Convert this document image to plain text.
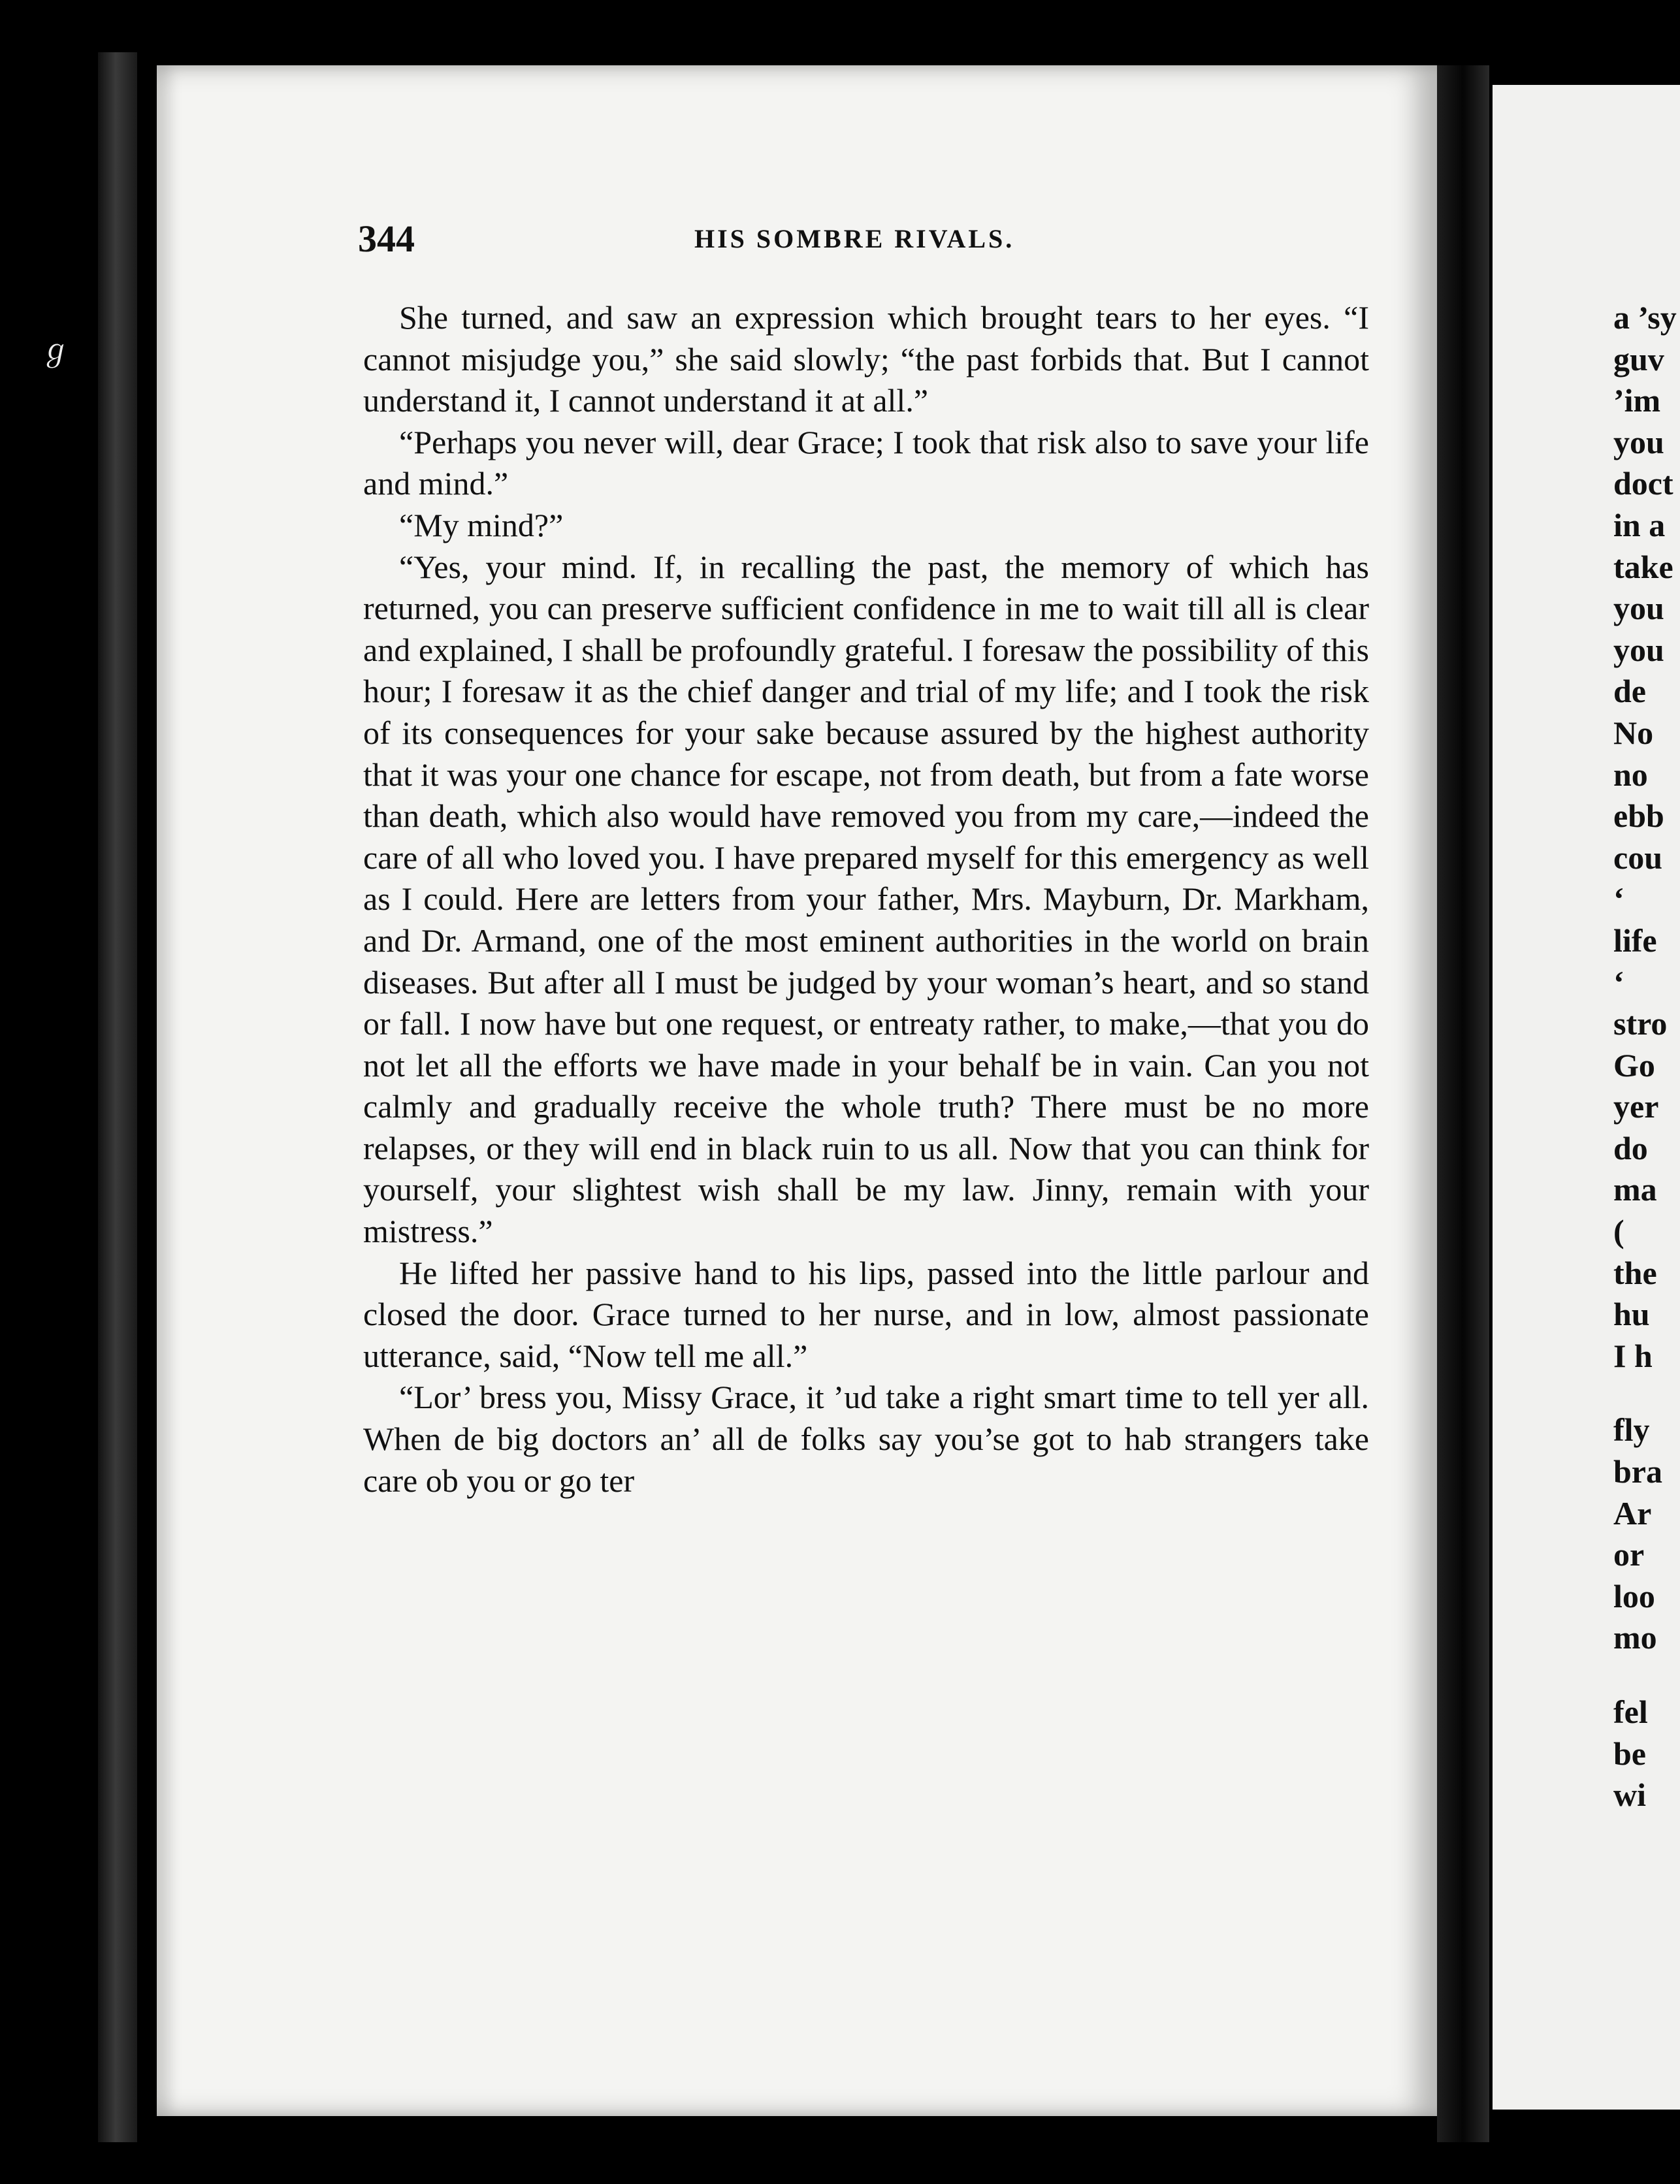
ℊ
344	HIS SOMBRE RIVALS.

She turned, and saw an expression which brought tears to her eyes. “I cannot misjudge you,” she said slowly; “the past forbids that. But I cannot understand it, I cannot understand it at all.”

“Perhaps you never will, dear Grace; I took that risk also to save your life and mind.”

“My mind?”

“Yes, your mind. If, in recalling the past, the memory of which has returned, you can preserve sufficient confidence in me to wait till all is clear and explained, I shall be profoundly grateful. I foresaw the possibility of this hour; I foresaw it as the chief danger and trial of my life; and I took the risk of its consequences for your sake because assured by the highest authority that it was your one chance for escape, not from death, but from a fate worse than death, which also would have removed you from my care,—indeed the care of all who loved you. I have prepared myself for this emergency as well as I could. Here are letters from your father, Mrs. Mayburn, Dr. Markham, and Dr. Armand, one of the most eminent authorities in the world on brain diseases. But after all I must be judged by your woman’s heart, and so stand or fall. I now have but one request, or entreaty rather, to make,—that you do not let all the efforts we have made in your behalf be in vain. Can you not calmly and gradually receive the whole truth? There must be no more relapses, or they will end in black ruin to us all. Now that you can think for yourself, your slightest wish shall be my law. Jinny, remain with your mistress.”

He lifted her passive hand to his lips, passed into the little parlour and closed the door. Grace turned to her nurse, and in low, almost passionate utterance, said, “Now tell me all.”

“Lor’ bress you, Missy Grace, it ’ud take a right smart time to tell yer all. When de big doctors an’ all de folks say you’se got to hab strangers take care ob you or go ter

a ’sy
guv
’im
you
doct
in a
take
you
you
de
No
no
ebb
cou
‘
life
‘
stro
Go
yer
do
ma
(
the
hu
I h
fly
bra
Ar
or
loo
mo
fel
be
wi
